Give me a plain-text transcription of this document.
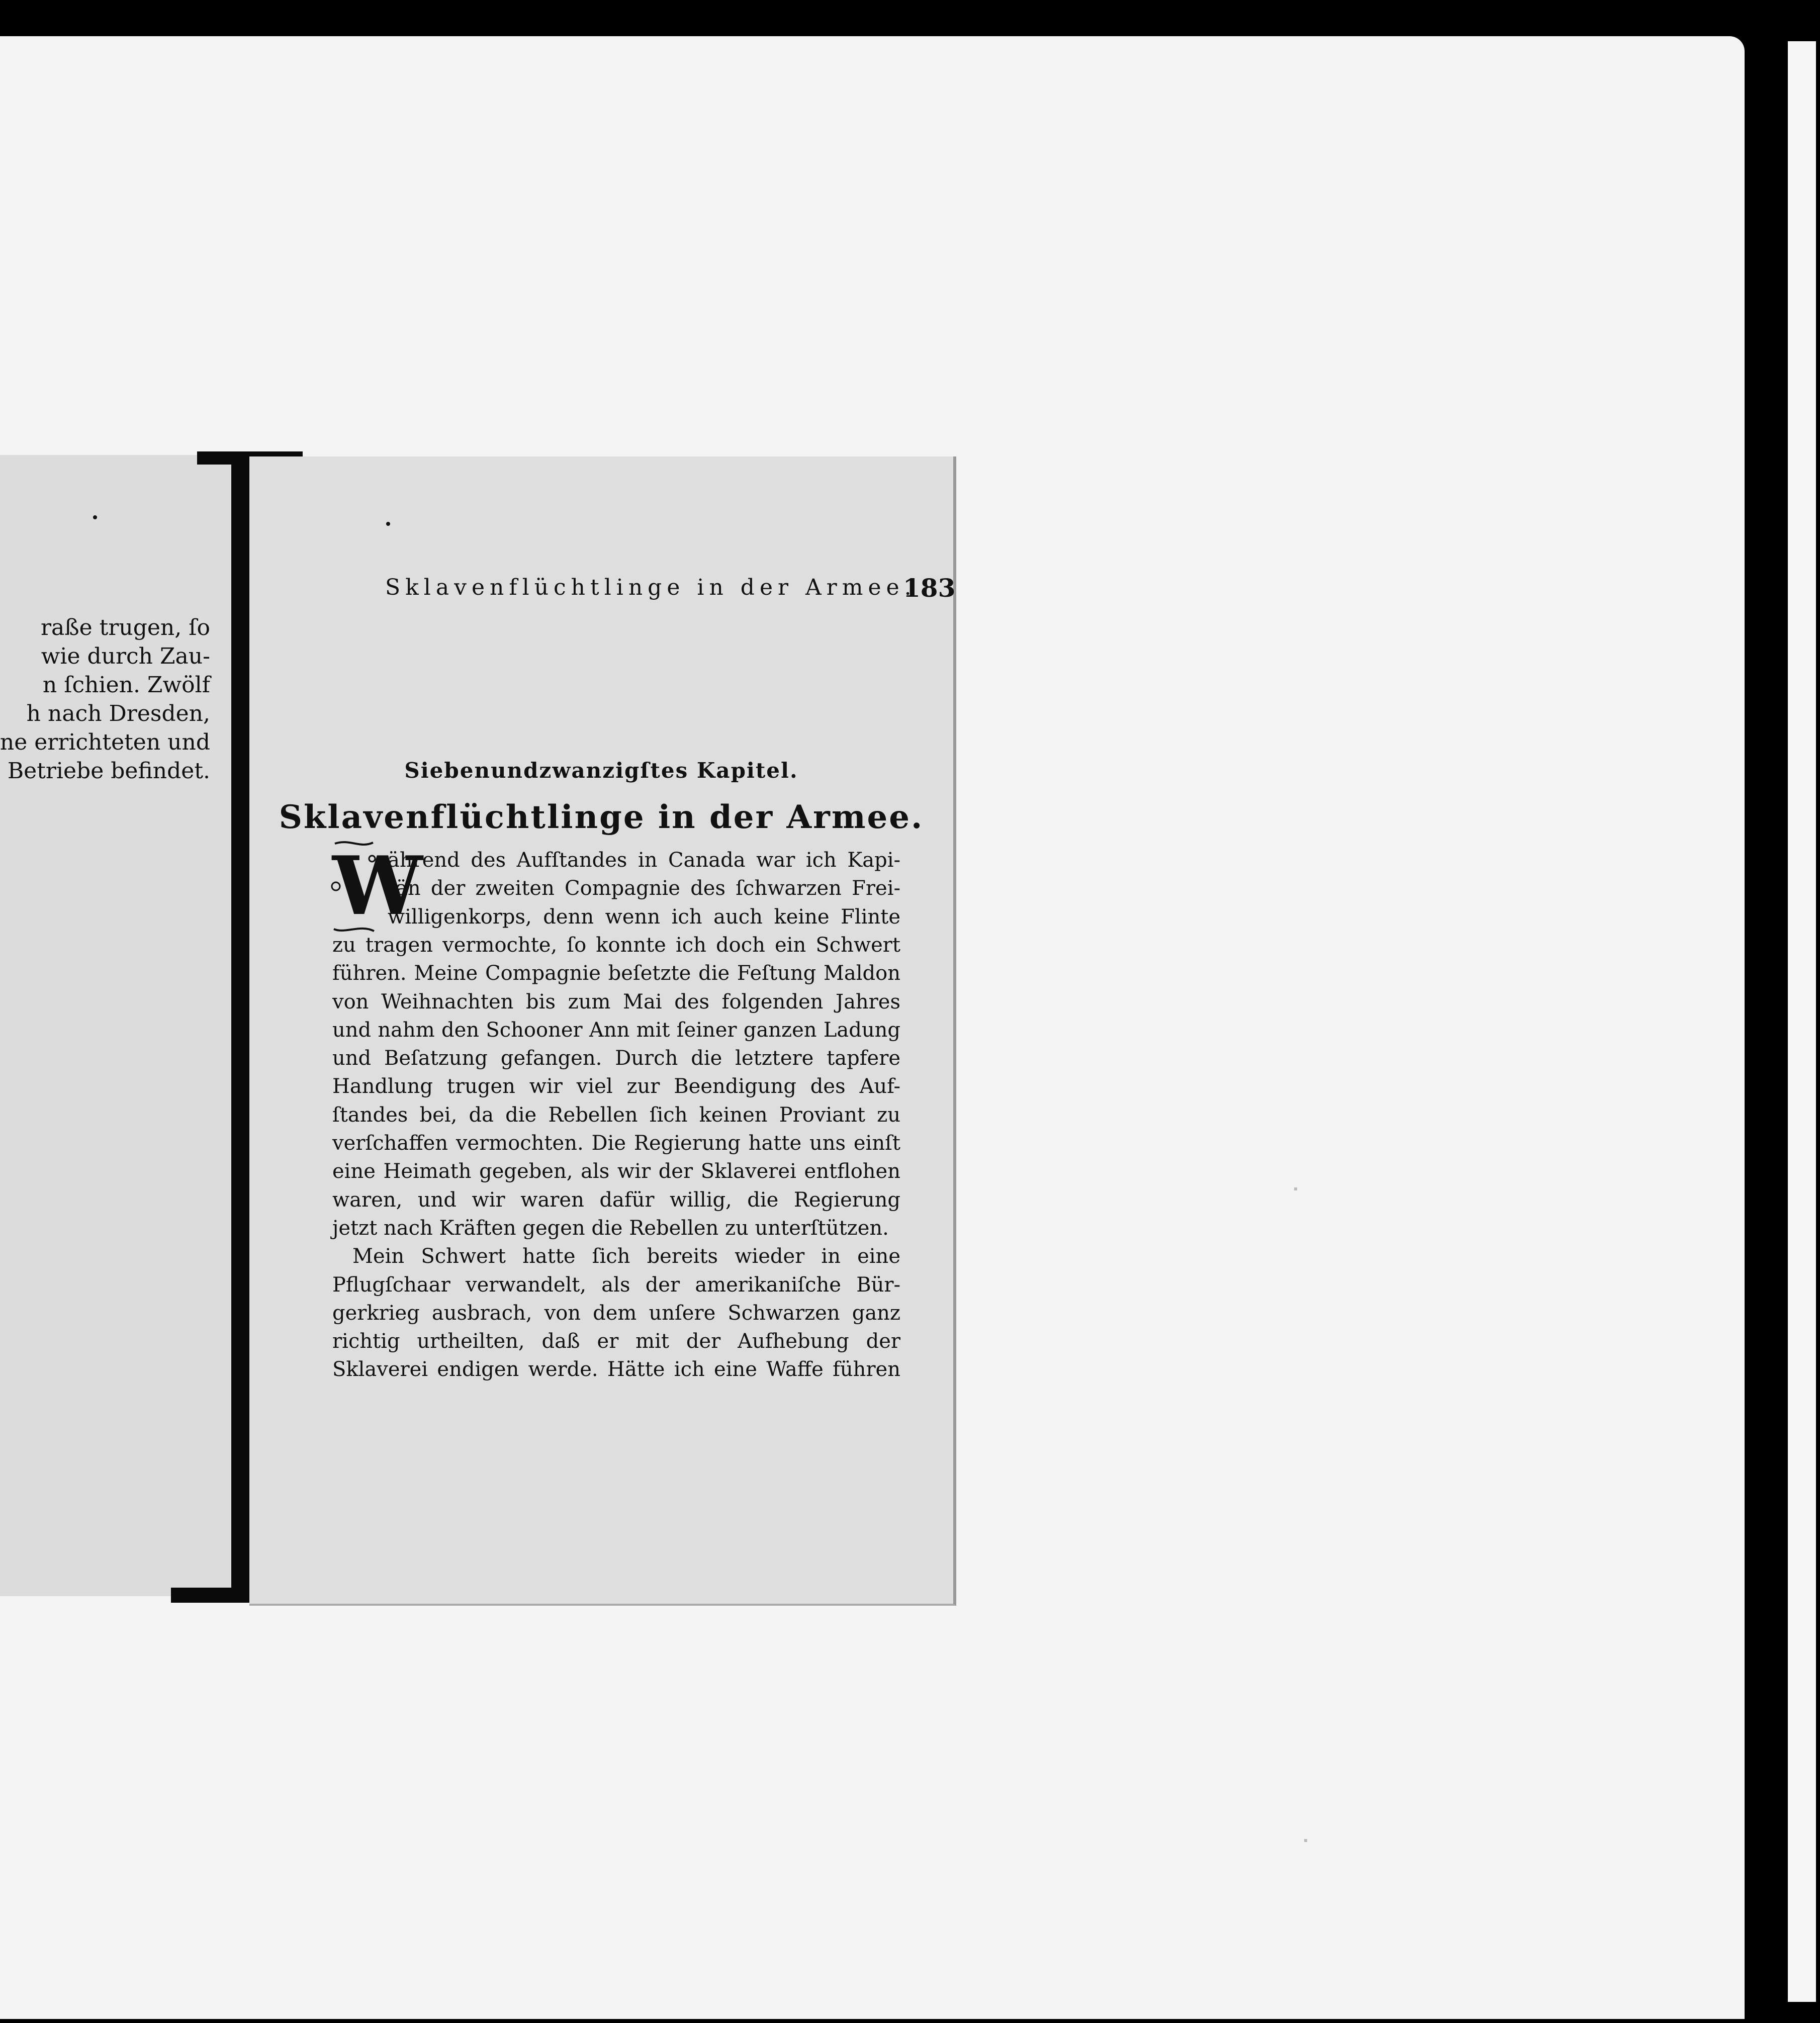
raße trugen, ſo
wie durch Zau-
n ſchien. Zwölf
h nach Dresden,
ne errichteten und
Betriebe befindet.
Sklavenflüchtlinge in der Armee.
183
Siebenundzwanzigſtes Kapitel.
Sklavenflüchtlinge in der Armee.
W
ährend des Aufſtandes in Canada war ich Kapi-
tän der zweiten Compagnie des ſchwarzen Frei-
willigenkorps, denn wenn ich auch keine Flinte
zu tragen vermochte, ſo konnte ich doch ein Schwert
führen. Meine Compagnie beſetzte die Feſtung Maldon
von Weihnachten bis zum Mai des folgenden Jahres
und nahm den Schooner Ann mit ſeiner ganzen Ladung
und Beſatzung gefangen. Durch die letztere tapfere
Handlung trugen wir viel zur Beendigung des Auf-
ſtandes bei, da die Rebellen ſich keinen Proviant zu
verſchaffen vermochten. Die Regierung hatte uns einſt
eine Heimath gegeben, als wir der Sklaverei entflohen
waren, und wir waren dafür willig, die Regierung
jetzt nach Kräften gegen die Rebellen zu unterſtützen.
Mein Schwert hatte ſich bereits wieder in eine
Pflugſchaar verwandelt, als der amerikaniſche Bür-
gerkrieg ausbrach, von dem unſere Schwarzen ganz
richtig urtheilten, daß er mit der Aufhebung der
Sklaverei endigen werde. Hätte ich eine Waffe führen
